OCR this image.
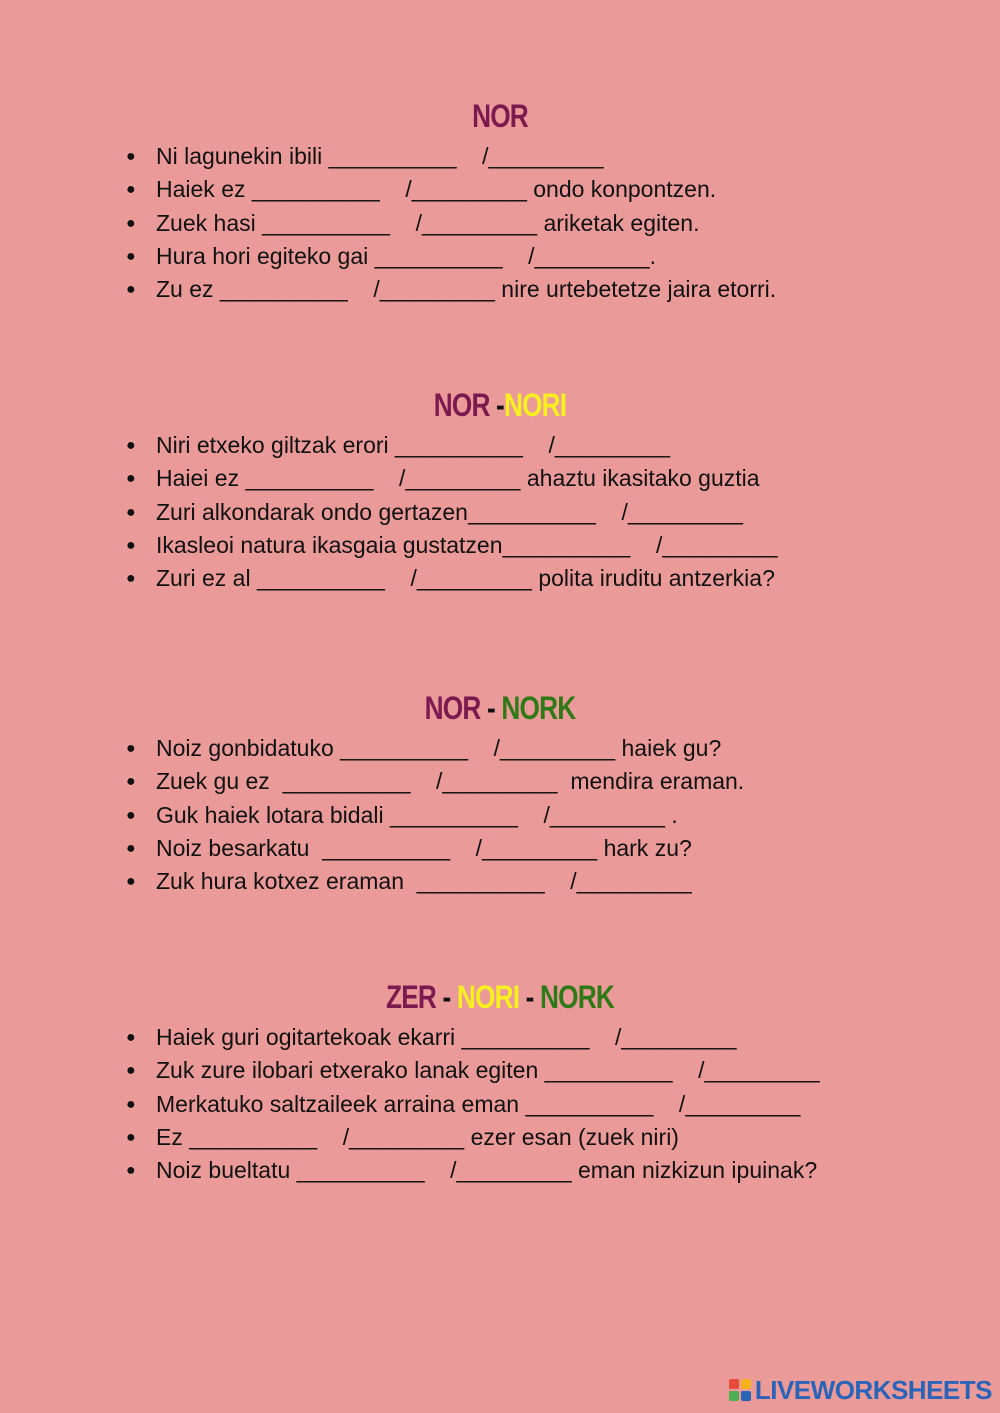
NOR
● Ni lagunekin ibili __________    /_________
● Haiek ez __________    /_________ ondo konpontzen.
● Zuek hasi __________    /_________ ariketak egiten.
● Hura hori egiteko gai __________    /_________.
● Zu ez __________    /_________ nire urtebetetze jaira etorri.
NOR -NORI
● Niri etxeko giltzak erori __________    /_________
● Haiei ez __________    /_________ ahaztu ikasitako guztia
● Zuri alkondarak ondo gertazen__________    /_________
● Ikasleoi natura ikasgaia gustatzen__________    /_________
● Zuri ez al __________    /_________ polita iruditu antzerkia?
NOR - NORK
● Noiz gonbidatuko __________    /_________ haiek gu?
● Zuek gu ez  __________    /_________  mendira eraman.
● Guk haiek lotara bidali __________    /_________ .
● Noiz besarkatu  __________    /_________ hark zu?
● Zuk hura kotxez eraman  __________    /_________
ZER - NORI - NORK
● Haiek guri ogitartekoak ekarri __________    /_________
● Zuk zure ilobari etxerako lanak egiten __________    /_________
● Merkatuko saltzaileek arraina eman __________    /_________
● Ez __________    /_________ ezer esan (zuek niri)
● Noiz bueltatu __________    /_________ eman nizkizun ipuinak?
LIVEWORKSHEETS
